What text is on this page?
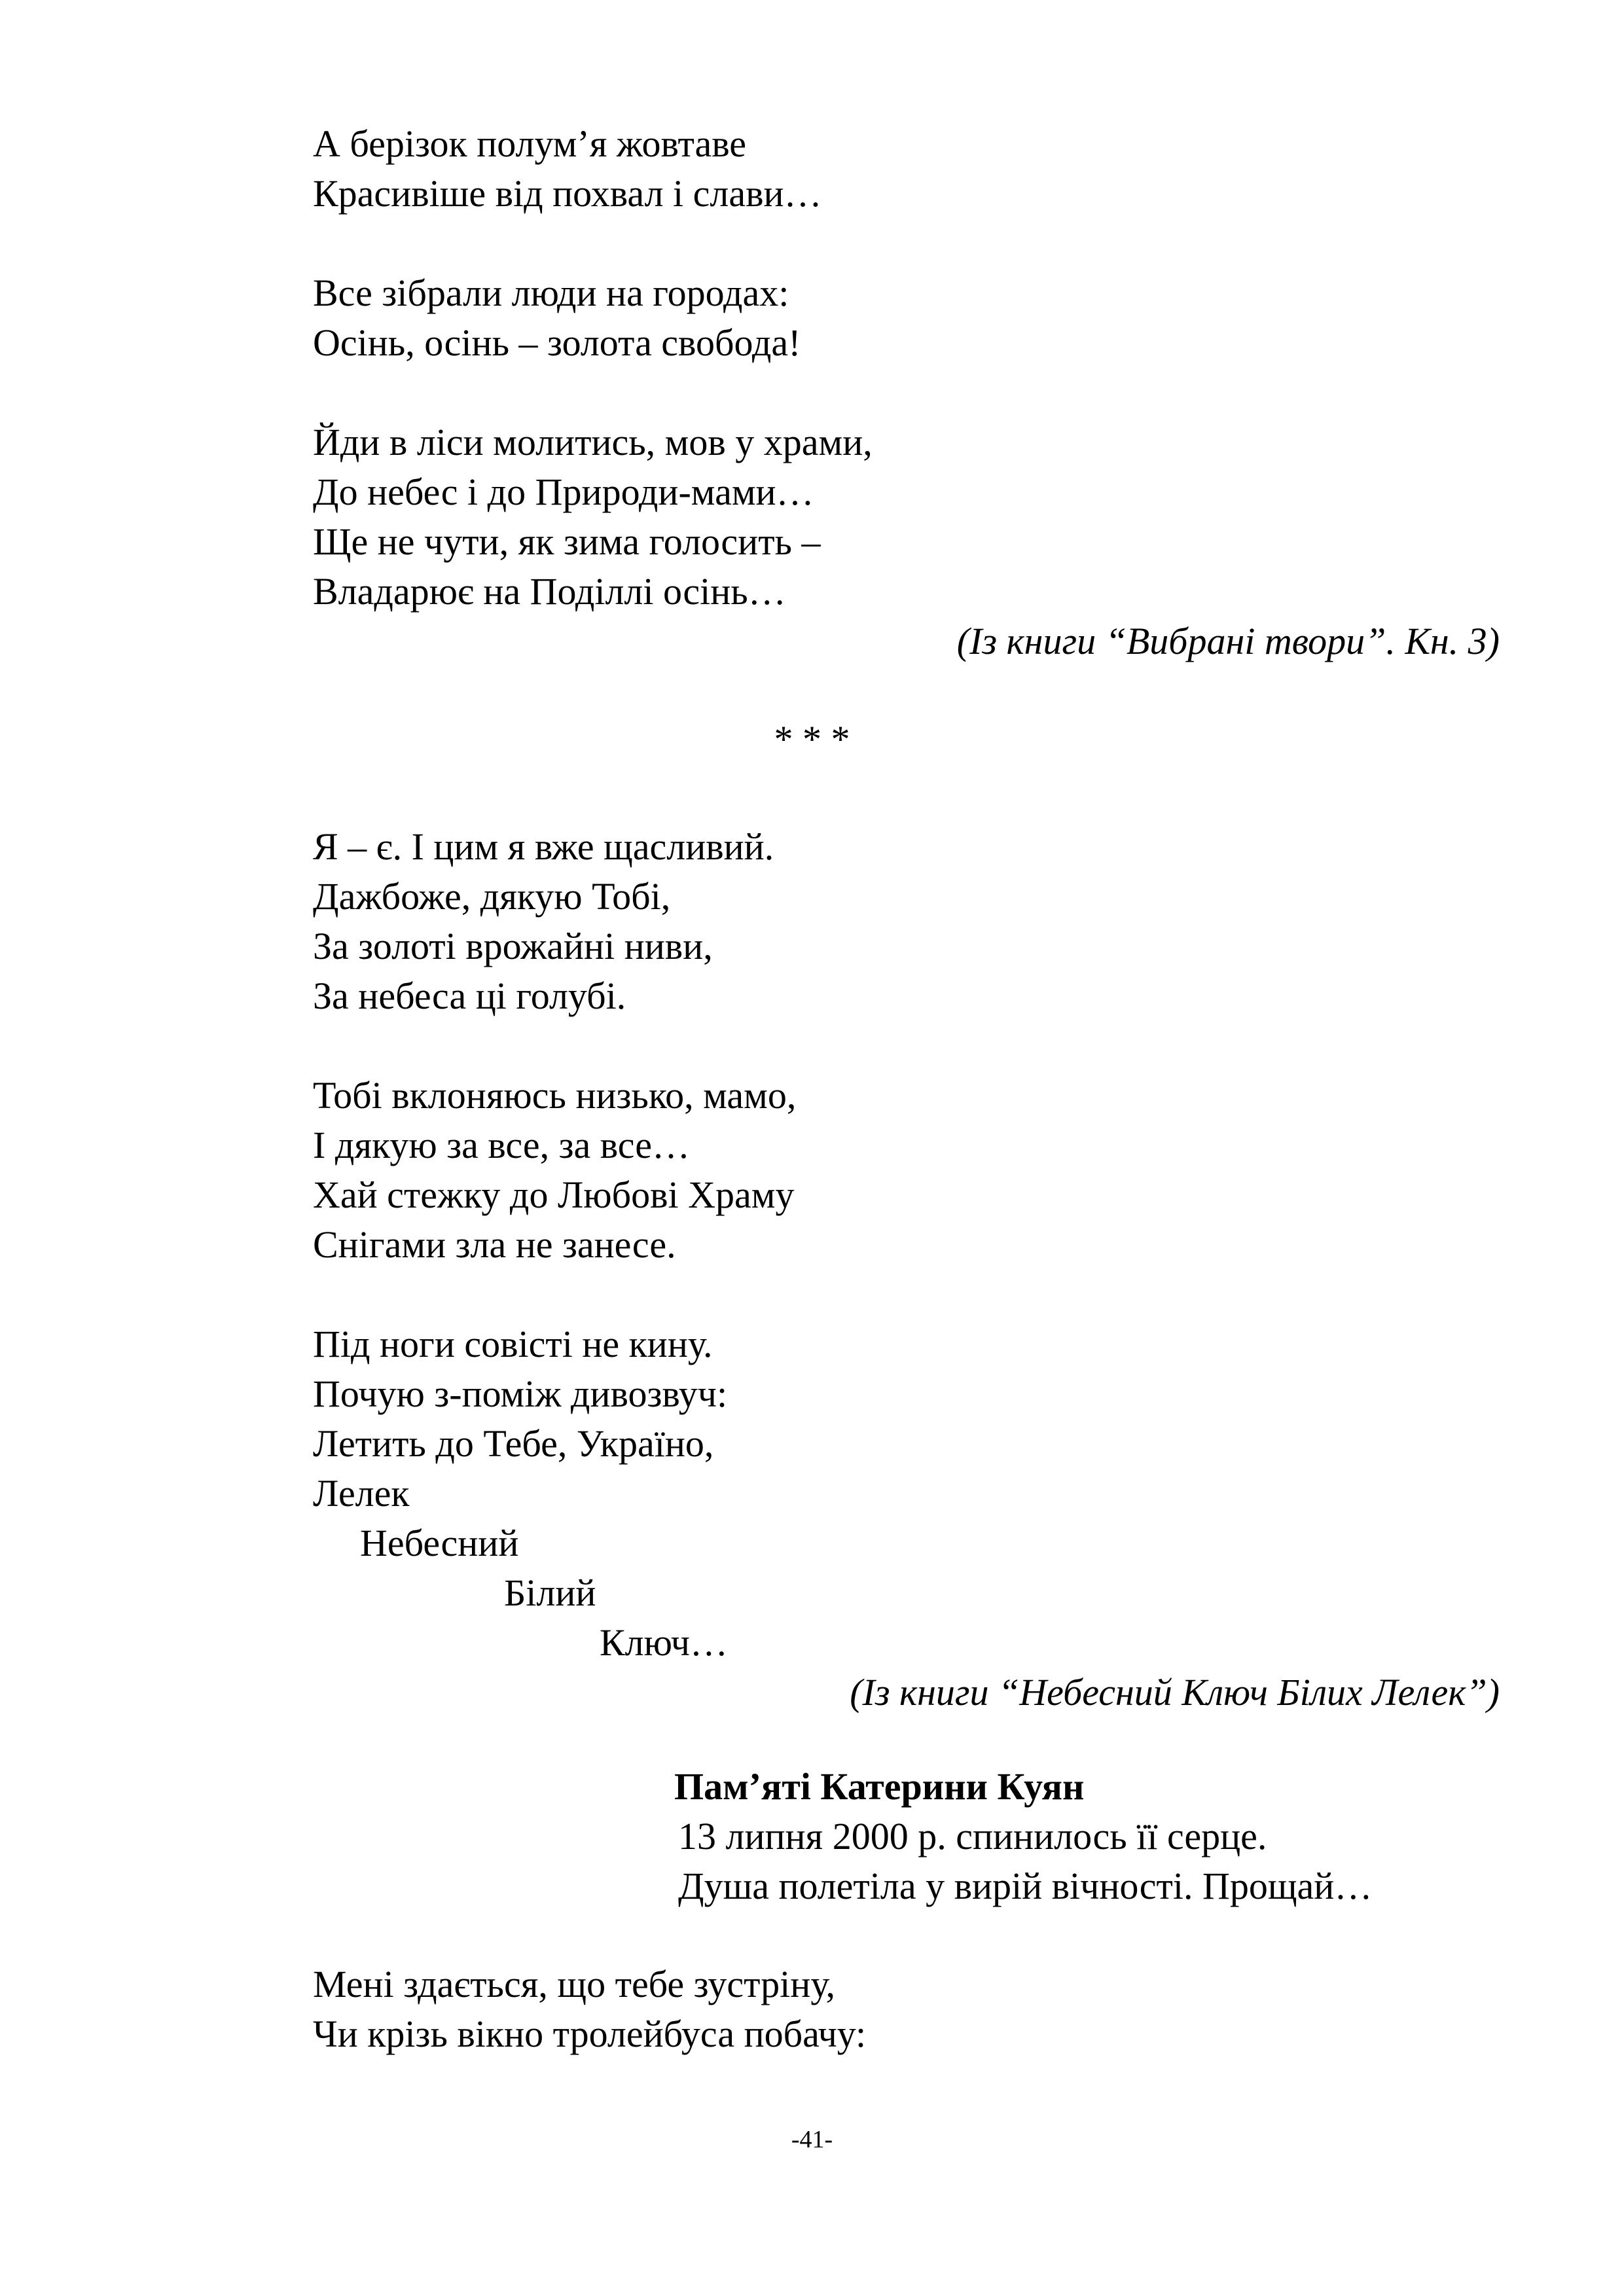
А берізок полум’я жовтаве
Красивіше від похвал і слави…
Все зібрали люди на городах:
Осінь, осінь – золота свобода!
Йди в ліси молитись, мов у храми,
До небес і до Природи-мами…
Ще не чути, як зима голосить –
Владарює на Поділлі осінь…
(Із книги “Вибрані твори”. Кн. 3)
* * *
Я – є. І цим я вже щасливий.
Дажбоже, дякую Тобі,
За золоті врожайні ниви,
За небеса ці голубі.
Тобі вклоняюсь низько, мамо,
І дякую за все, за все…
Хай стежку до Любові Храму
Снігами зла не занесе.
Під ноги совісті не кину.
Почую з-поміж дивозвуч:
Летить до Тебе, Україно,
Лелек
Небесний
Білий
Ключ…
(Із книги “Небесний Ключ Білих Лелек”)
Пам’яті Катерини Куян
13 липня 2000 р. спинилось її серце.
Душа полетіла у вирій вічності. Прощай…
Мені здається, що тебе зустріну,
Чи крізь вікно тролейбуса побачу:
-41-
